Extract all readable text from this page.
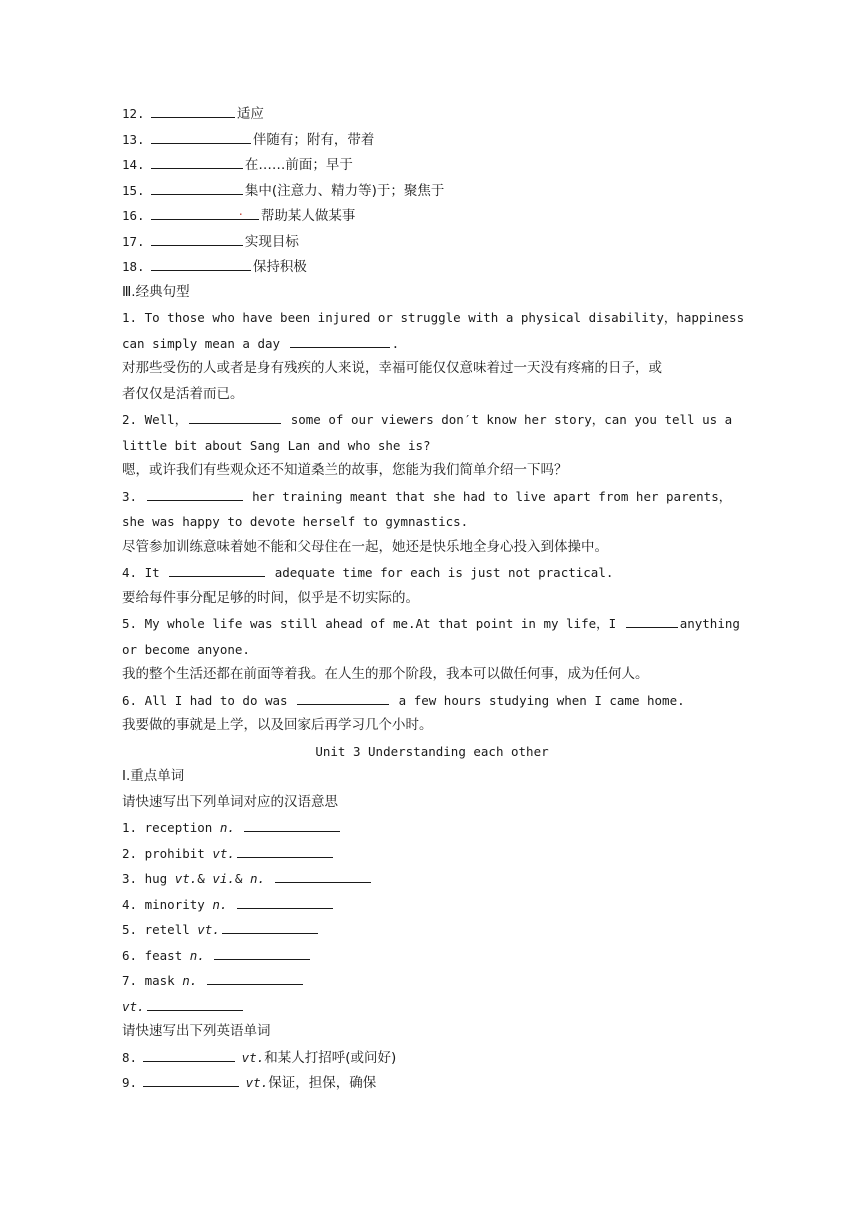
12.	适应
13.	伴随有；附有，带着
14.	在……前面；早于
15.	集中(注意力、精力等)于；聚焦于
16.	. 帮助某人做某事
17.	实现目标
18.	保持积极
Ⅲ.经典句型
1. To those who have been injured or struggle with a physical disability，happiness
can simply mean a day	.
对那些受伤的人或者是身有残疾的人来说，幸福可能仅仅意味着过一天没有疼痛的日子，或
者仅仅是活着而已。
2. Well，	some of our viewers don′t know her story，can you tell us a
little bit about Sang Lan and who she is?
嗯，或许我们有些观众还不知道桑兰的故事，您能为我们简单介绍一下吗？
3.	her training meant that she had to live apart from her parents，
she was happy to devote herself to gymnastics.
尽管参加训练意味着她不能和父母住在一起，她还是快乐地全身心投入到体操中。
4. It	adequate time for each is just not practical.
要给每件事分配足够的时间，似乎是不切实际的。
5. My whole life was still ahead of me.At that point in my life，I	anything
or become anyone.
我的整个生活还都在前面等着我。在人生的那个阶段，我本可以做任何事，成为任何人。
6. All I had to do was	a few hours studying when I came home.
我要做的事就是上学，以及回家后再学习几个小时。
Unit 3 Understanding each other
Ⅰ.重点单词
请快速写出下列单词对应的汉语意思
1. reception n.
2. prohibit vt.
3. hug vt.& vi.& n.
4. minority n.
5. retell vt.
6. feast n.
7. mask n.
vt.
请快速写出下列英语单词
8.	vt.和某人打招呼(或问好)
9.	vt.保证，担保，确保
